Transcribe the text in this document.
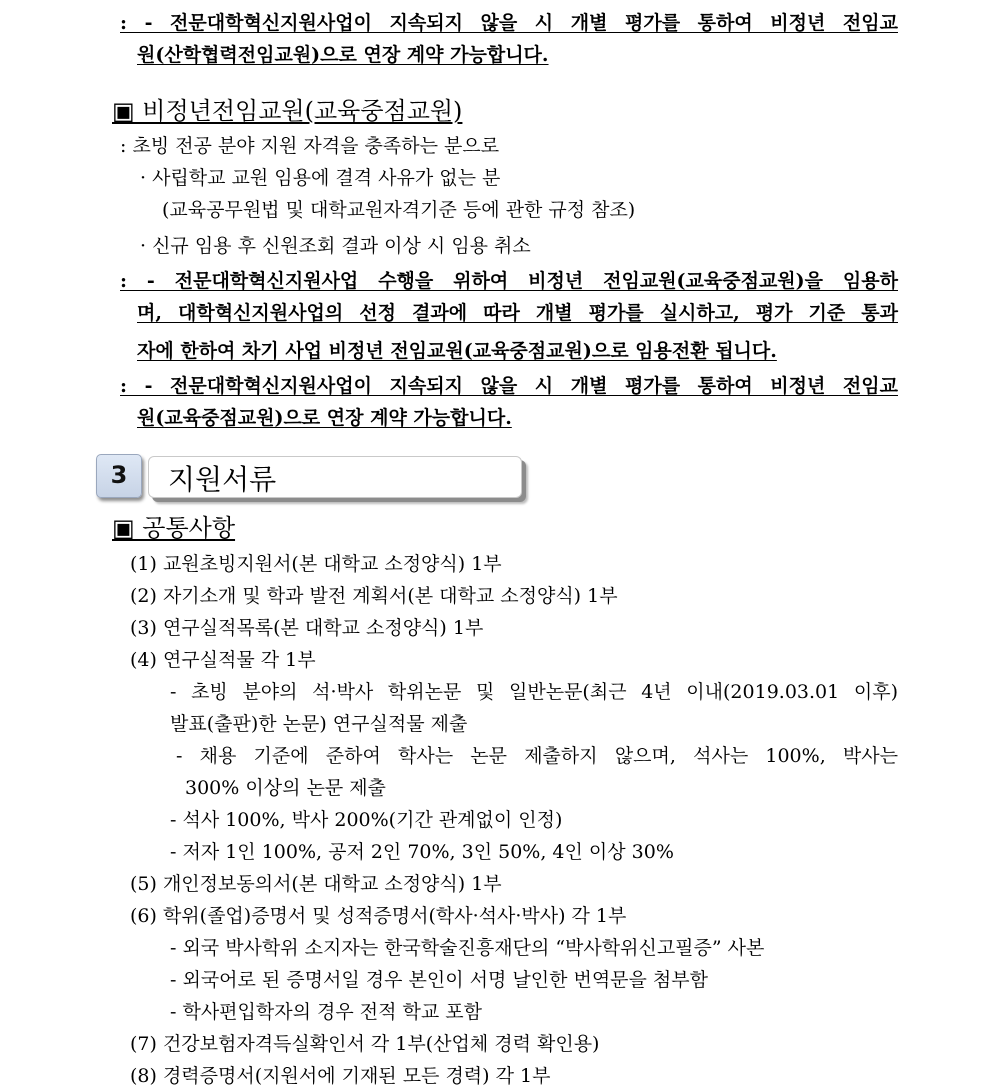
: - 전문대학혁신지원사업이 지속되지 않을 시 개별 평가를 통하여 비정년 전임교
원(산학협력전임교원)으로 연장 계약 가능합니다.
▣ 비정년전임교원(교육중점교원)
: 초빙 전공 분야 지원 자격을 충족하는 분으로
· 사립학교 교원 임용에 결격 사유가 없는 분
(교육공무원법 및 대학교원자격기준 등에 관한 규정 참조)
· 신규 임용 후 신원조회 결과 이상 시 임용 취소
: - 전문대학혁신지원사업 수행을 위하여 비정년 전임교원(교육중점교원)을 임용하
며, 대학혁신지원사업의 선정 결과에 따라 개별 평가를 실시하고, 평가 기준 통과
자에 한하여 차기 사업 비정년 전임교원(교육중점교원)으로 임용전환 됩니다.
: - 전문대학혁신지원사업이 지속되지 않을 시 개별 평가를 통하여 비정년 전임교
원(교육중점교원)으로 연장 계약 가능합니다.
3	지원서류
▣ 공통사항
(1) 교원초빙지원서(본 대학교 소정양식) 1부
(2) 자기소개 및 학과 발전 계획서(본 대학교 소정양식) 1부
(3) 연구실적목록(본 대학교 소정양식) 1부
(4) 연구실적물 각 1부
- 초빙 분야의 석·박사 학위논문 및 일반논문(최근 4년 이내(2019.03.01 이후)
발표(출판)한 논문) 연구실적물 제출
- 채용 기준에 준하여 학사는 논문 제출하지 않으며, 석사는 100%, 박사는
300% 이상의 논문 제출
- 석사 100%, 박사 200%(기간 관계없이 인정)
- 저자 1인 100%, 공저 2인 70%, 3인 50%, 4인 이상 30%
(5) 개인정보동의서(본 대학교 소정양식) 1부
(6) 학위(졸업)증명서 및 성적증명서(학사·석사·박사) 각 1부
- 외국 박사학위 소지자는 한국학술진흥재단의 “박사학위신고필증” 사본
- 외국어로 된 증명서일 경우 본인이 서명 날인한 번역문을 첨부함
- 학사편입학자의 경우 전적 학교 포함
(7) 건강보험자격득실확인서 각 1부(산업체 경력 확인용)
(8) 경력증명서(지원서에 기재된 모든 경력) 각 1부
